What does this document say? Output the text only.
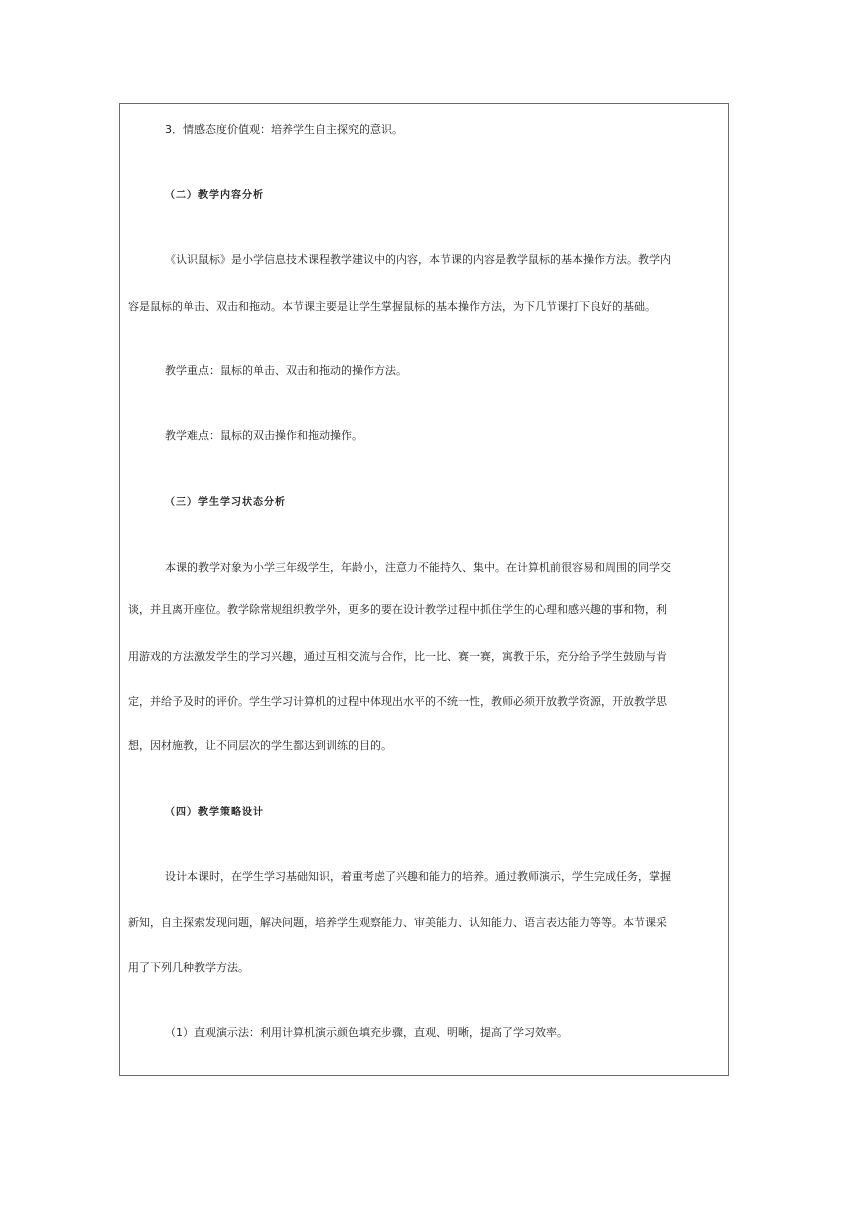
3．情感态度价值观：培养学生自主探究的意识。
（二）教学内容分析
《认识鼠标》是小学信息技术课程教学建议中的内容，本节课的内容是教学鼠标的基本操作方法。教学内
容是鼠标的单击、双击和拖动。本节课主要是让学生掌握鼠标的基本操作方法，为下几节课打下良好的基础。
教学重点：鼠标的单击、双击和拖动的操作方法。
教学难点：鼠标的双击操作和拖动操作。
（三）学生学习状态分析
本课的教学对象为小学三年级学生，年龄小，注意力不能持久、集中。在计算机前很容易和周围的同学交
谈，并且离开座位。教学除常规组织教学外，更多的要在设计教学过程中抓住学生的心理和感兴趣的事和物，利
用游戏的方法激发学生的学习兴趣，通过互相交流与合作，比一比、赛一赛，寓教于乐，充分给予学生鼓励与肯
定，并给予及时的评价。学生学习计算机的过程中体现出水平的不统一性，教师必须开放教学资源，开放教学思
想，因材施教，让不同层次的学生都达到训练的目的。
（四）教学策略设计
设计本课时，在学生学习基础知识，着重考虑了兴趣和能力的培养。通过教师演示，学生完成任务，掌握
新知，自主探索发现问题，解决问题，培养学生观察能力、审美能力、认知能力、语言表达能力等等。本节课采
用了下列几种教学方法。
（1）直观演示法：利用计算机演示颜色填充步骤，直观、明晰，提高了学习效率。
